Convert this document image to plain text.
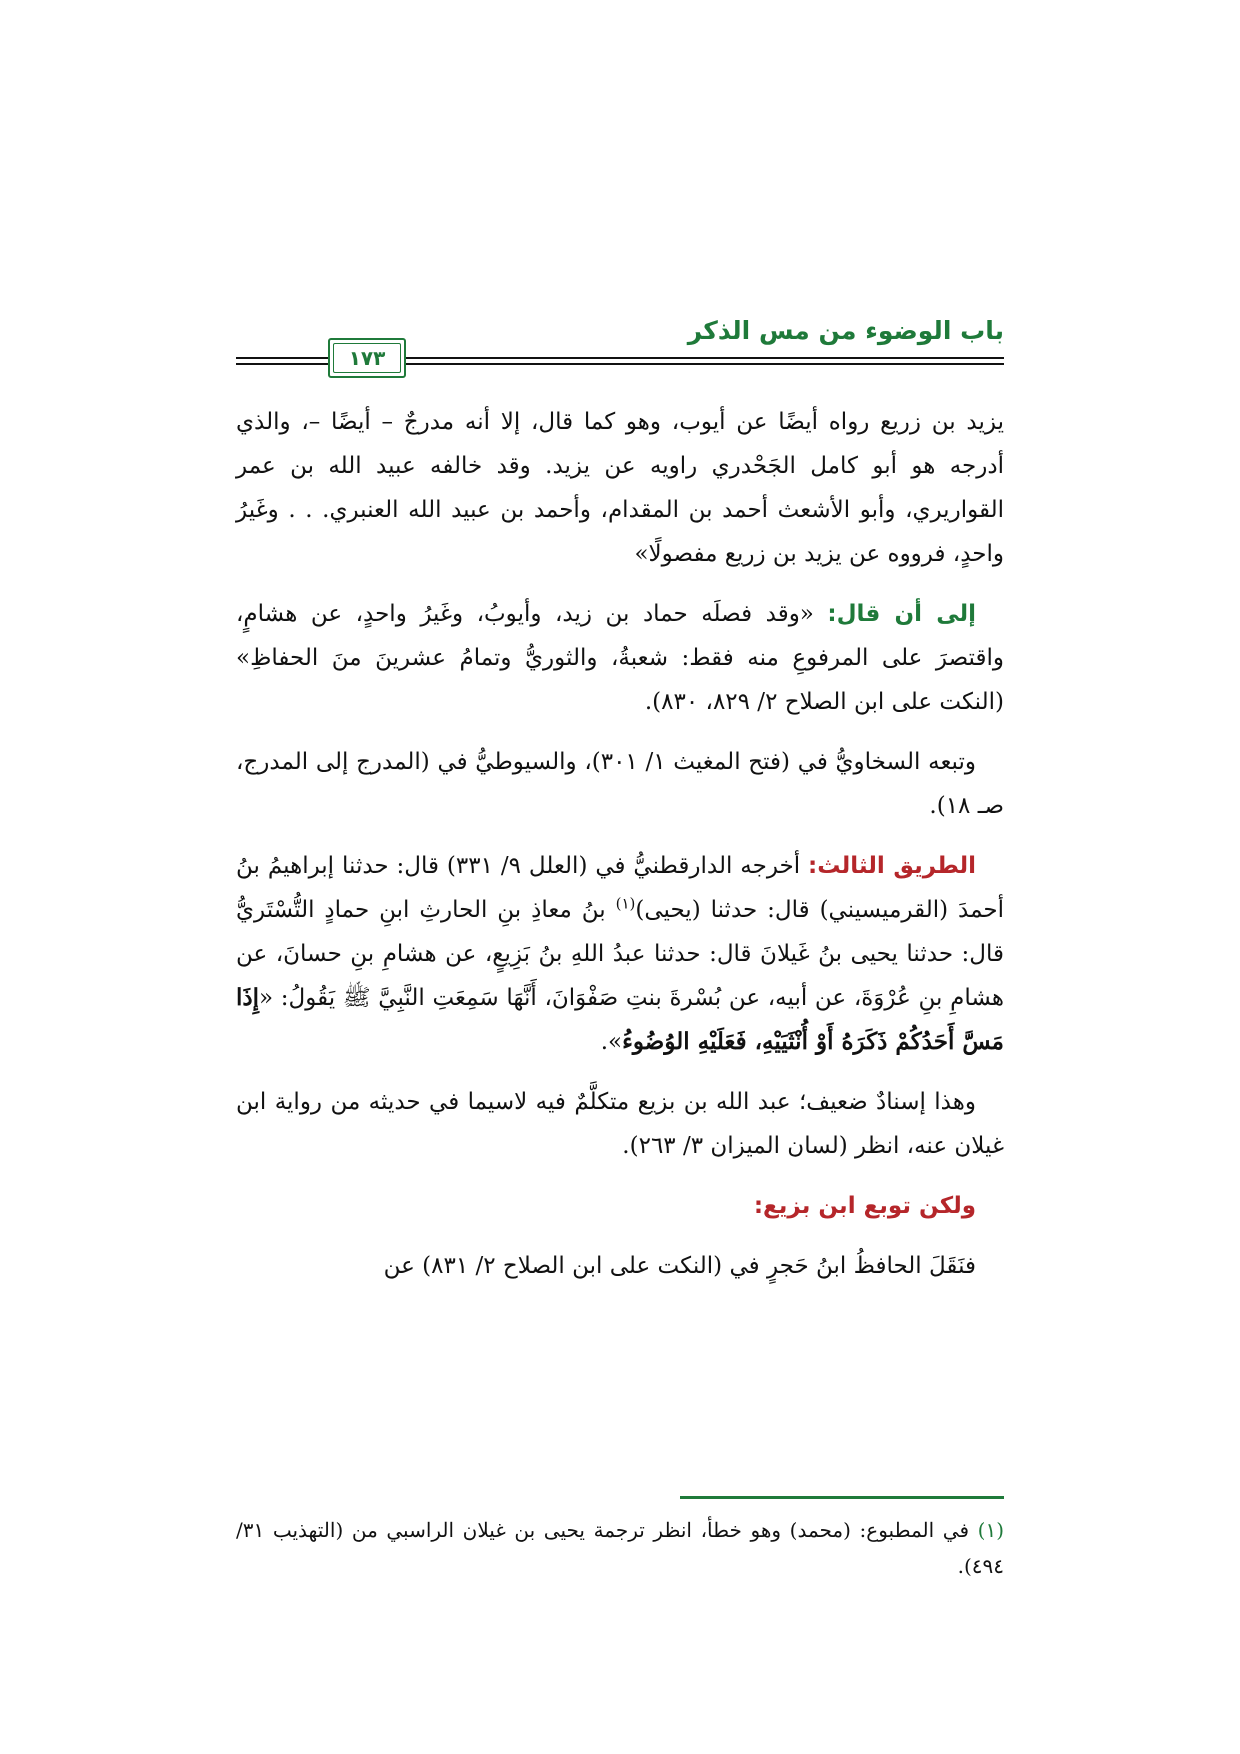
باب الوضوء من مس الذكر
١٧٣

يزيد بن زريع رواه أيضًا عن أيوب، وهو كما قال، إلا أنه مدرجٌ – أيضًا –، والذي أدرجه هو أبو كامل الجَحْدري راويه عن يزيد. وقد خالفه عبيد الله بن عمر القواريري، وأبو الأشعث أحمد بن المقدام، وأحمد بن عبيد الله العنبري. . . وغَيرُ واحدٍ، فرووه عن يزيد بن زريع مفصولًا»

إلى أن قال: «وقد فصلَه حماد بن زيد، وأيوبُ، وغَيرُ واحدٍ، عن هشامٍ، واقتصرَ على المرفوعِ منه فقط: شعبةُ، والثوريُّ وتمامُ عشرينَ منَ الحفاظِ» (النكت على ابن الصلاح ٢/ ٨٢٩، ٨٣٠).

وتبعه السخاويُّ في (فتح المغيث ١/ ٣٠١)، والسيوطيُّ في (المدرج إلى المدرج، صـ ١٨).

الطريق الثالث: أخرجه الدارقطنيُّ في (العلل ٩/ ٣٣١) قال: حدثنا إبراهيمُ بنُ أحمدَ (القرميسيني) قال: حدثنا (يحيى)$^{(١)}$ بنُ معاذِ بنِ الحارثِ ابنِ حمادٍ التُّسْتَريُّ قال: حدثنا يحيى بنُ غَيلانَ قال: حدثنا عبدُ اللهِ بنُ بَزِيعٍ، عن هشامِ بنِ حسانَ، عن هشامِ بنِ عُرْوَةَ، عن أبيه، عن بُسْرةَ بنتِ صَفْوَانَ، أَنَّهَا سَمِعَتِ النَّبِيَّ ﷺ يَقُولُ: «إِذَا مَسَّ أَحَدُكُمْ ذَكَرَهُ أَوْ أُنْثَيَيْهِ، فَعَلَيْهِ الوُضُوءُ».

وهذا إسنادٌ ضعيف؛ عبد الله بن بزيع متكلَّمٌ فيه لاسيما في حديثه من رواية ابن غيلان عنه، انظر (لسان الميزان ٣/ ٢٦٣).

ولكن توبع ابن بزيع:

فنَقَلَ الحافظُ ابنُ حَجرٍ في (النكت على ابن الصلاح ٢/ ٨٣١) عن

(١) في المطبوع: (محمد) وهو خطأ، انظر ترجمة يحيى بن غيلان الراسبي من (التهذيب ٣١/ ٤٩٤).
